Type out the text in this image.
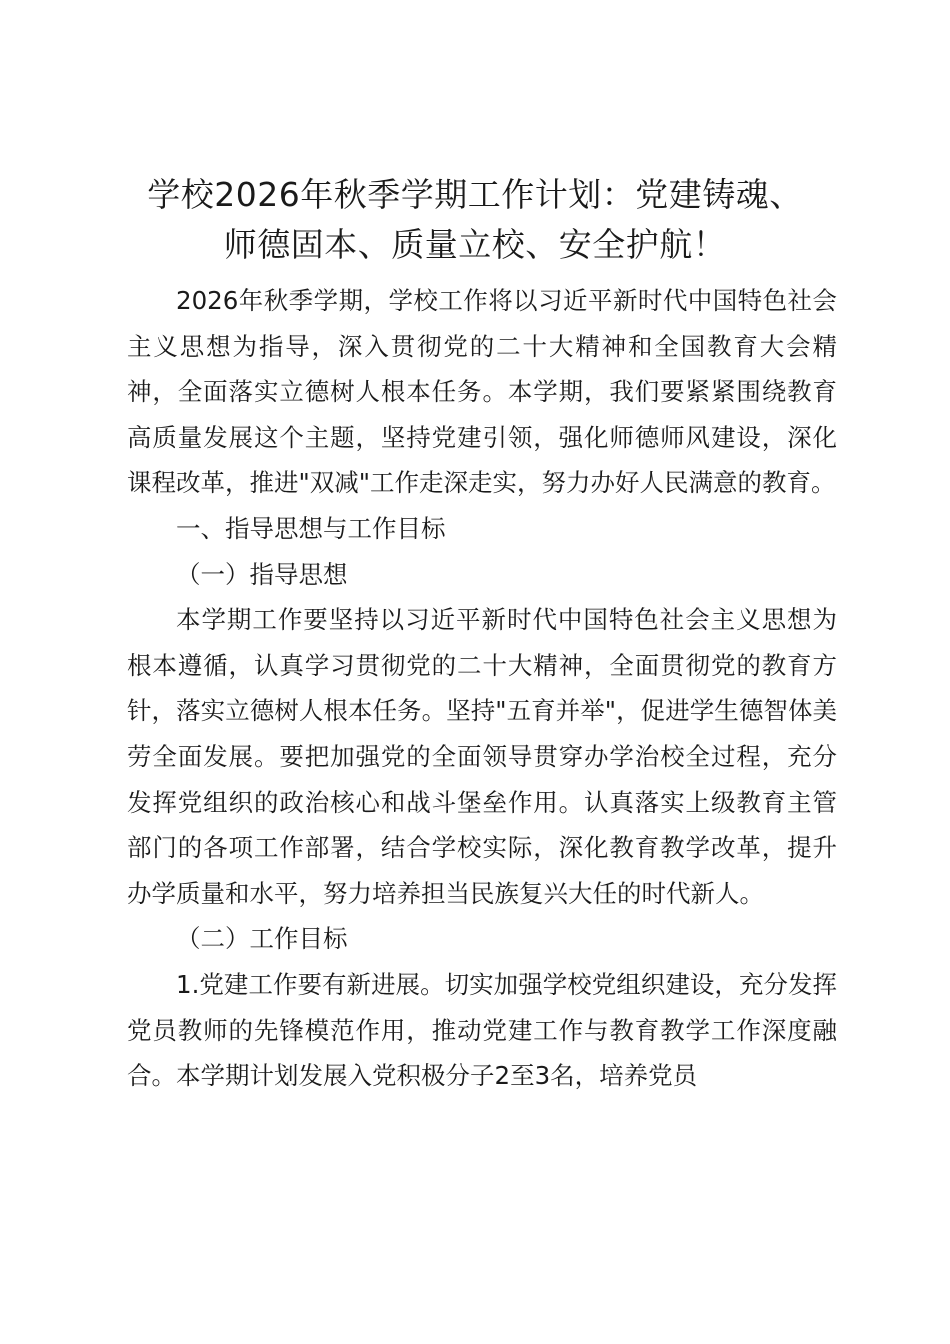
学校2026年秋季学期工作计划：党建铸魂、
师德固本、质量立校、安全护航！

2026年秋季学期，学校工作将以习近平新时代中国特色社会主义思想为指导，深入贯彻党的二十大精神和全国教育大会精神，全面落实立德树人根本任务。本学期，我们要紧紧围绕教育高质量发展这个主题，坚持党建引领，强化师德师风建设，深化课程改革，推进"双减"工作走深走实，努力办好人民满意的教育。

一、指导思想与工作目标

（一）指导思想

本学期工作要坚持以习近平新时代中国特色社会主义思想为根本遵循，认真学习贯彻党的二十大精神，全面贯彻党的教育方针，落实立德树人根本任务。坚持"五育并举"，促进学生德智体美劳全面发展。要把加强党的全面领导贯穿办学治校全过程，充分发挥党组织的政治核心和战斗堡垒作用。认真落实上级教育主管部门的各项工作部署，结合学校实际，深化教育教学改革，提升办学质量和水平，努力培养担当民族复兴大任的时代新人。

（二）工作目标

1.党建工作要有新进展。切实加强学校党组织建设，充分发挥党员教师的先锋模范作用，推动党建工作与教育教学工作深度融合。本学期计划发展入党积极分子2至3名，培养党员
